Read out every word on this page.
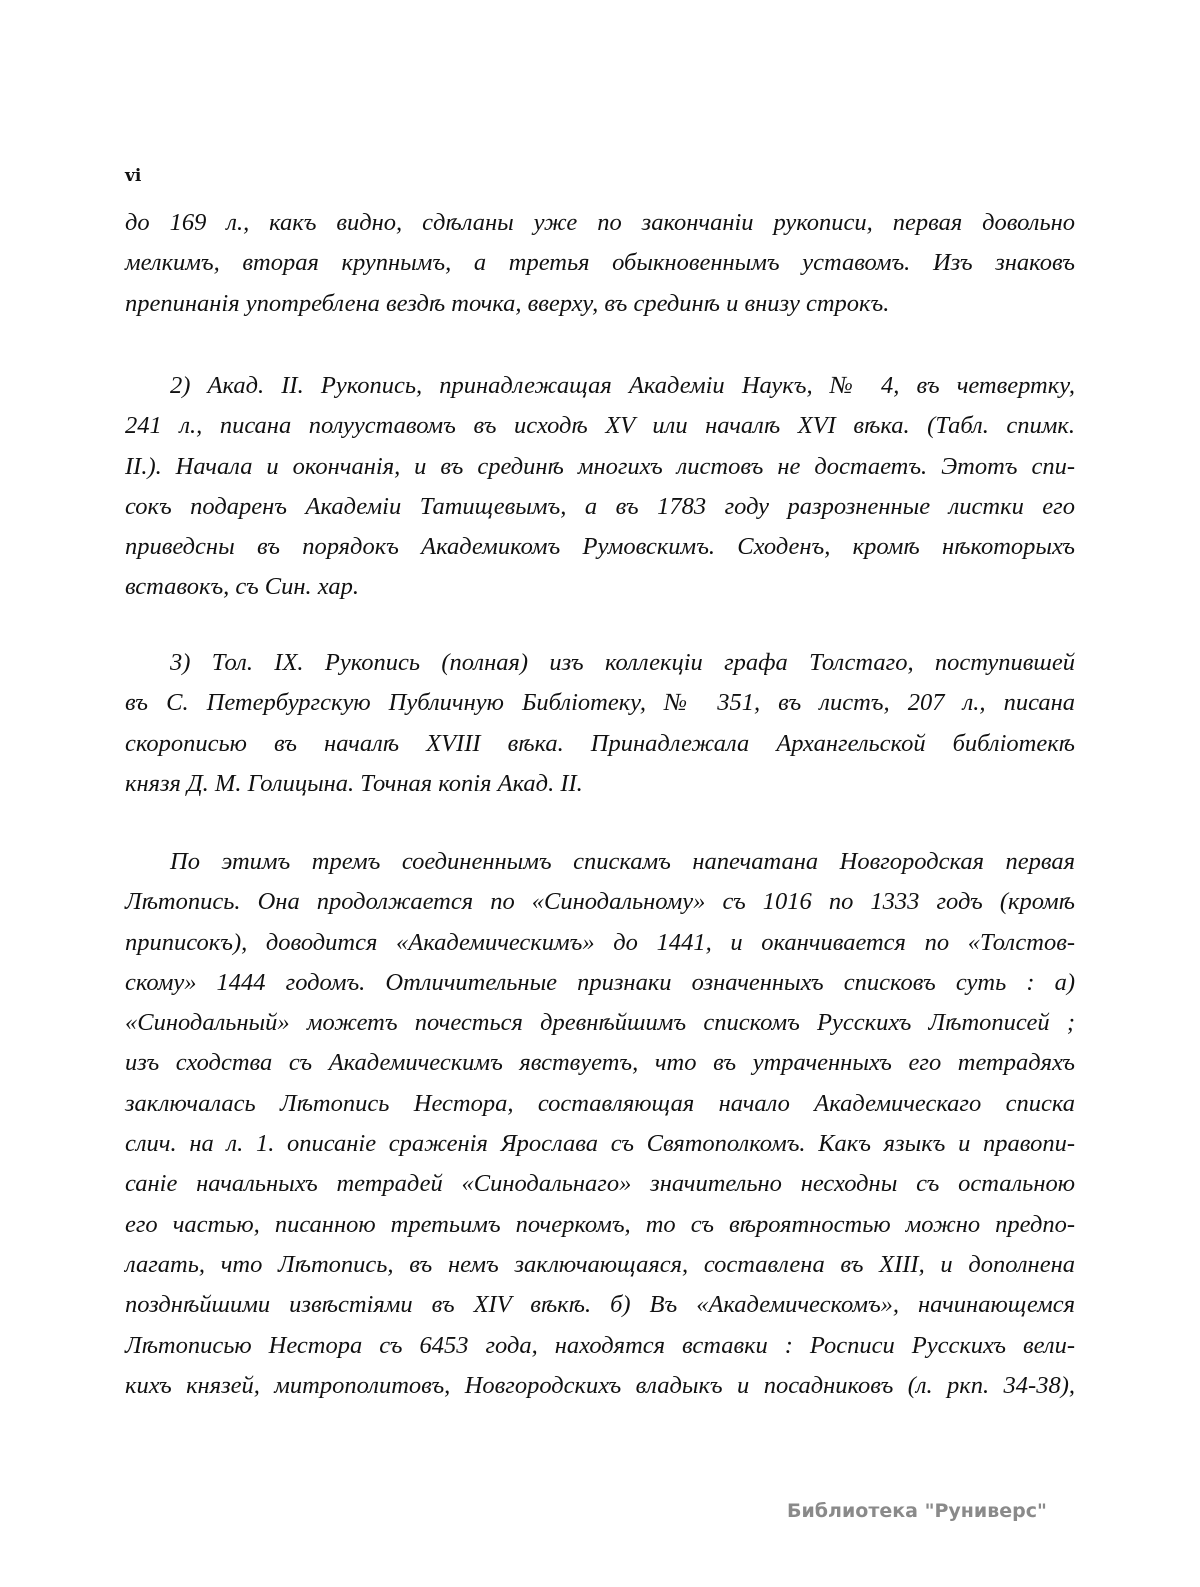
vi
до 169 л., какъ видно, сдѣланы уже по закончаніи рукописи, первая довольно
мелкимъ, вторая крупнымъ, а третья обыкновеннымъ уставомъ. Изъ знаковъ
препинанія употреблена вездѣ точка, вверху, въ срединѣ и внизу строкъ.
2) Акад. II. Рукопись, принадлежащая Академіи Наукъ, № 4, въ четвертку,
241 л., писана полууставомъ въ исходѣ XV или началѣ XVI вѣка. (Табл. спимк.
II.). Начала и окончанія, и въ срединѣ многихъ листовъ не достаетъ. Этотъ спи-
сокъ подаренъ Академіи Татищевымъ, а въ 1783 году разрозненные листки его
приведсны въ порядокъ Академикомъ Румовскимъ. Сходенъ, кромѣ нѣкоторыхъ
вставокъ, съ Син. хар.
3) Тол. IX. Рукопись (полная) изъ коллекціи графа Толстаго, поступившей
въ С. Петербургскую Публичную Библіотеку, № 351, въ листъ, 207 л., писана
скорописью въ началѣ XVIII вѣка. Принадлежала Архангельской библіотекѣ
князя Д. М. Голицына. Точная копія Акад. II.
По этимъ тремъ соединеннымъ спискамъ напечатана Новгородская первая
Лѣтопись. Она продолжается по «Синодальному» съ 1016 по 1333 годъ (кромѣ
приписокъ), доводится «Академическимъ» до 1441, и оканчивается по «Толстов-
скому» 1444 годомъ. Отличительные признаки означенныхъ списковъ суть : а)
«Синодальный» можетъ почесться древнѣйшимъ спискомъ Русскихъ Лѣтописей ;
изъ сходства съ Академическимъ явствуетъ, что въ утраченныхъ его тетрадяхъ
заключалась Лѣтопись Нестора, составляющая начало Академическаго списка
слич. на л. 1. описаніе сраженія Ярослава съ Святополкомъ. Какъ языкъ и правопи-
саніе начальныхъ тетрадей «Синодальнаго» значительно несходны съ остальною
его частью, писанною третьимъ почеркомъ, то съ вѣроятностью можно предпо-
лагать, что Лѣтопись, въ немъ заключающаяся, составлена въ XIII, и дополнена
позднѣйшими извѣстіями въ XIV вѣкѣ. б) Въ «Академическомъ», начинающемся
Лѣтописью Нестора съ 6453 года, находятся вставки : Росписи Русскихъ вели-
кихъ князей, митрополитовъ, Новгородскихъ владыкъ и посадниковъ (л. ркп. 34-38),
Библиотека "Руниверс"
